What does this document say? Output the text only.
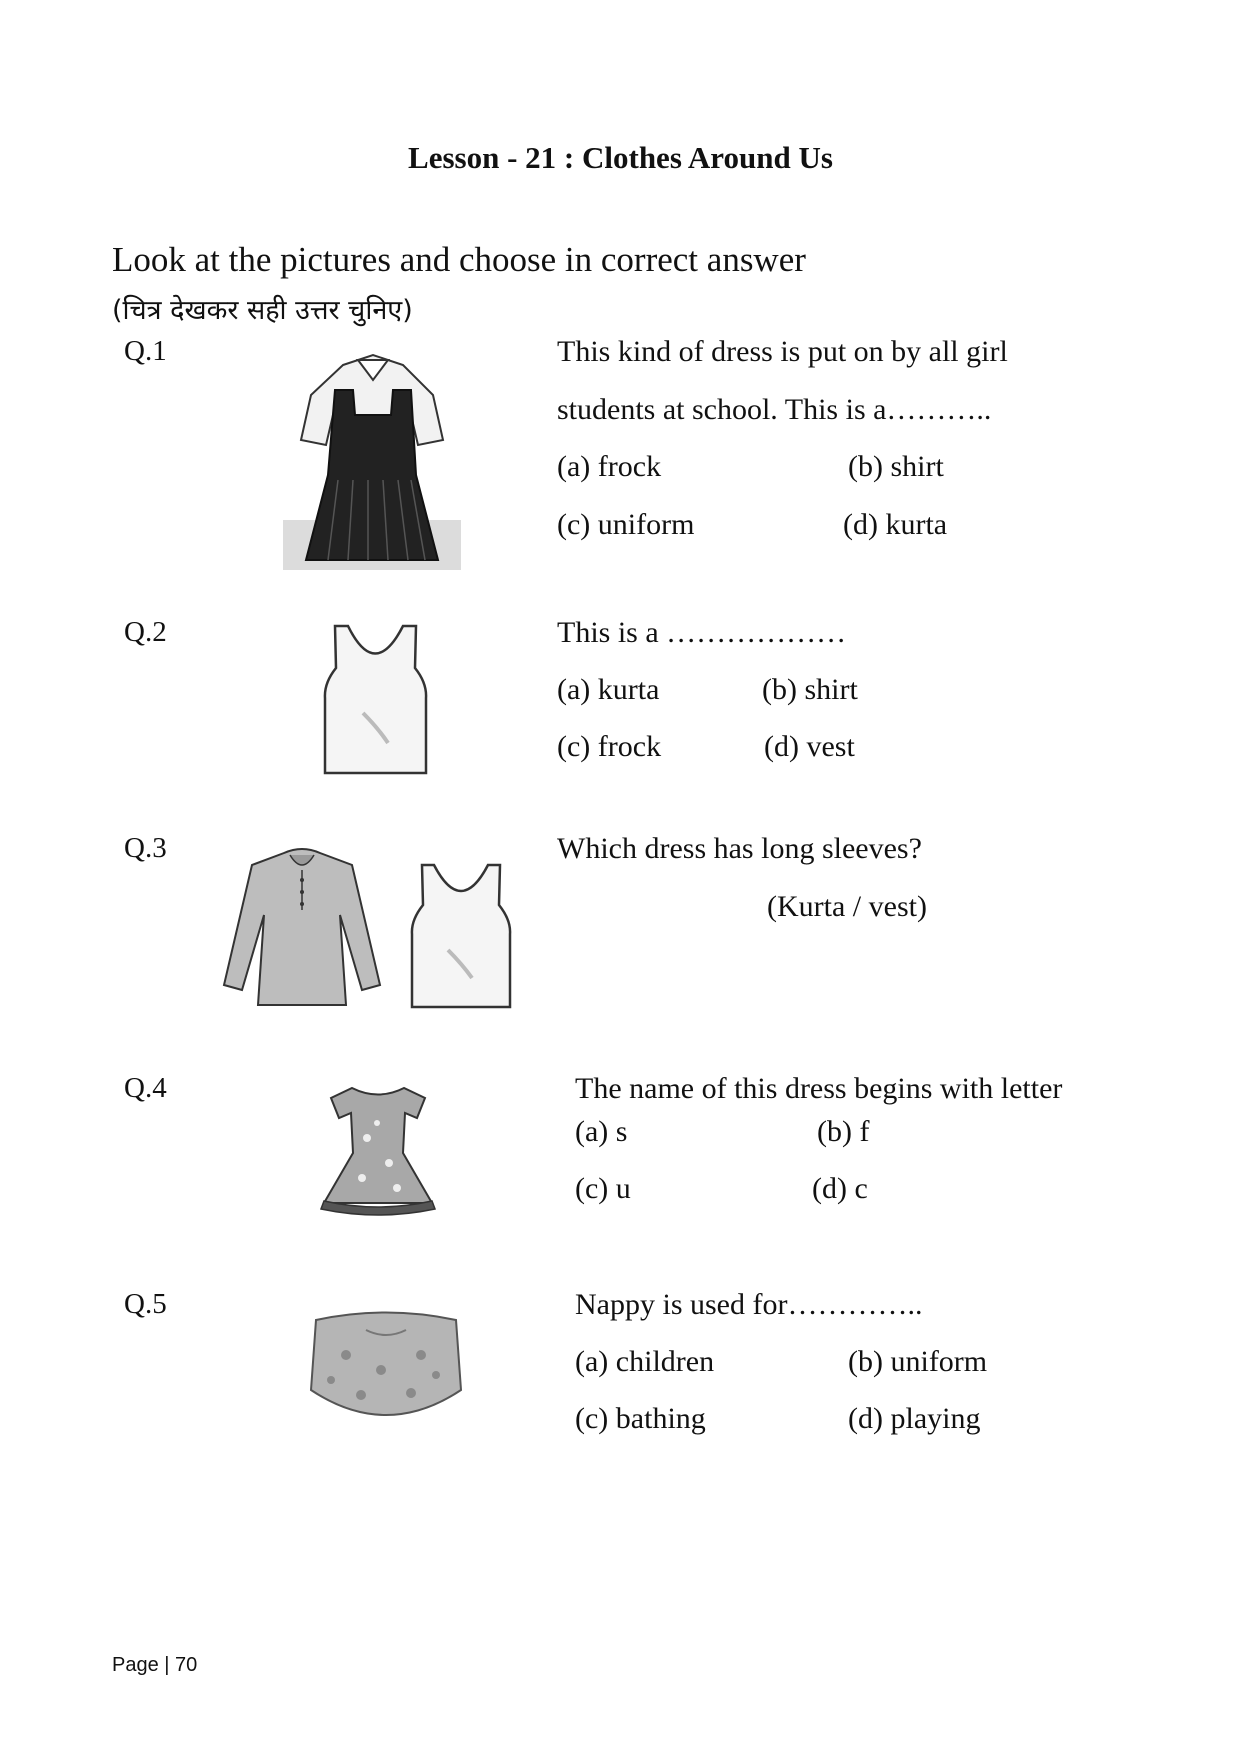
Lesson - 21 : Clothes Around Us
Look at the pictures and choose in correct answer
(चित्र देखकर सही उत्तर चुनिए)
Q.1	This kind of dress is put on by all girl
students at school. This is a………..
(a) frock	(b) shirt
(c) uniform	(d) kurta
Q.2	This is a ………………
(a) kurta	(b) shirt
(c) frock	(d) vest
Q.3	Which dress has long sleeves?
(Kurta / vest)
Q.4	The name of this dress begins with letter
(a) s	(b) f
(c) u	(d) c
Q.5	Nappy is used for…………..
(a) children	(b) uniform
(c) bathing	(d) playing
Page | 70
